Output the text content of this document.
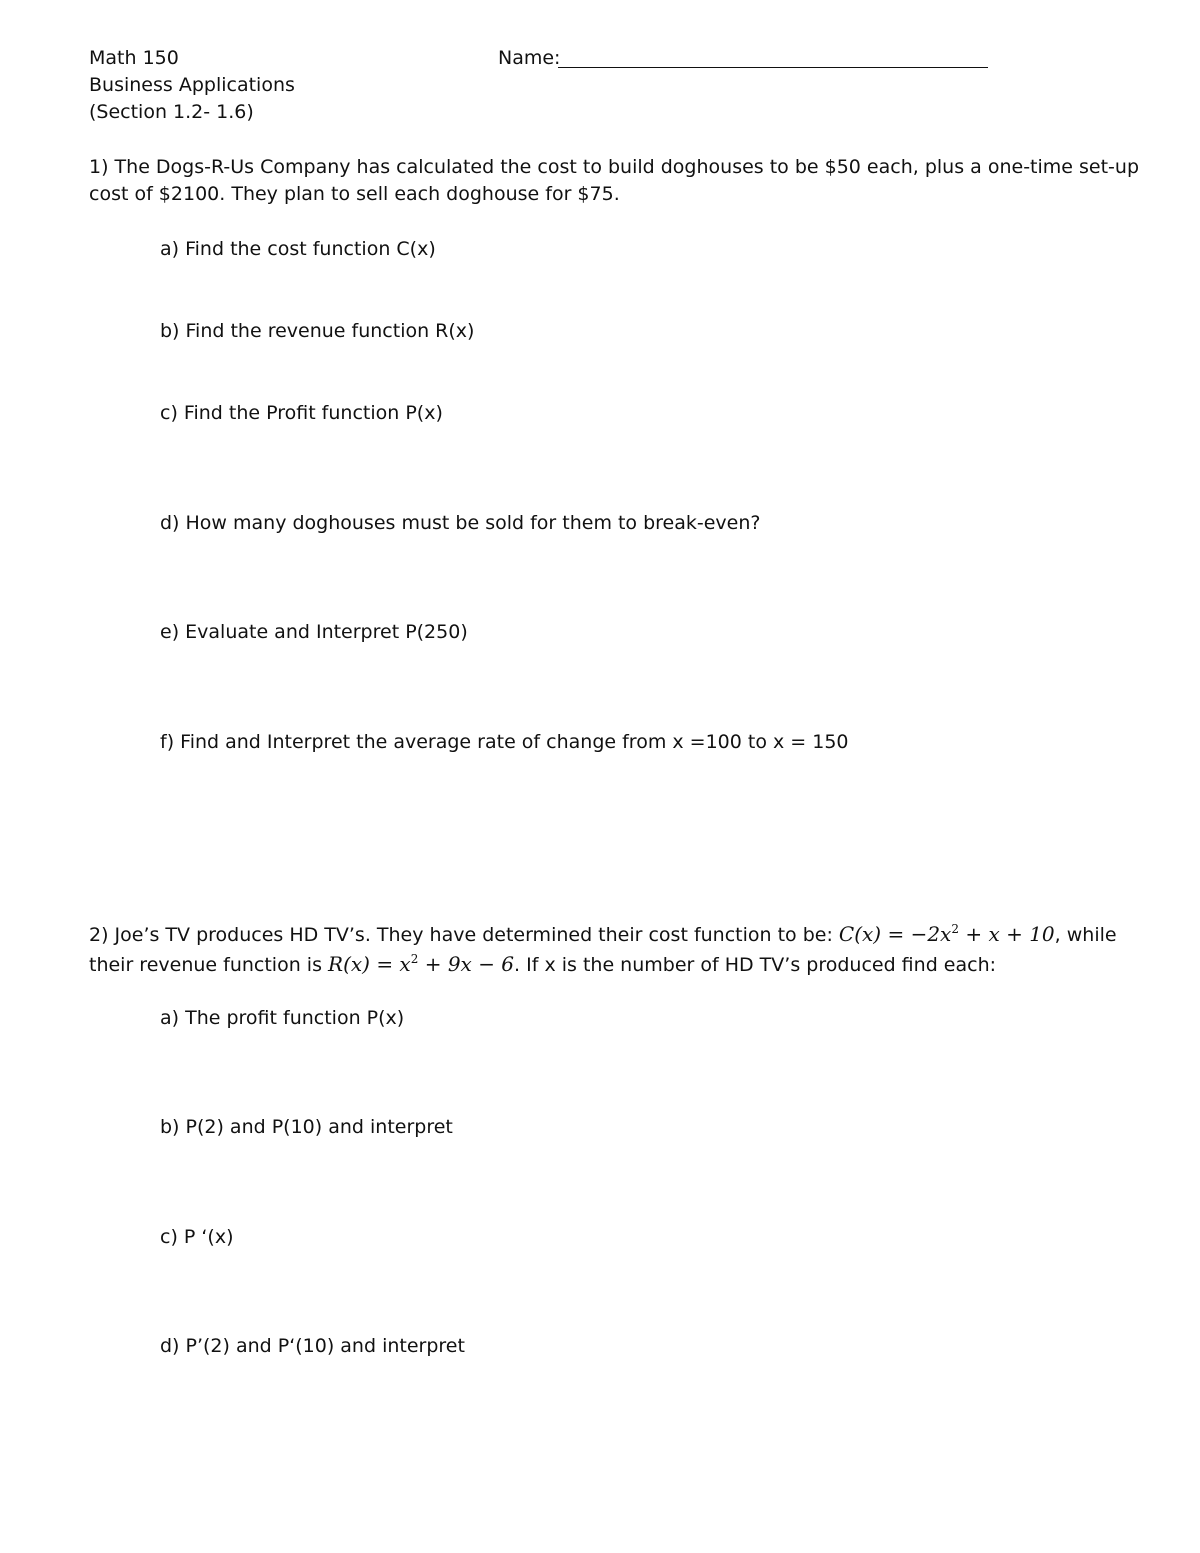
Math 150
Business Applications
(Section 1.2- 1.6)
Name:
1) The Dogs-R-Us Company has calculated the cost to build doghouses to be $50 each, plus a one-time set-up
cost of $2100. They plan to sell each doghouse for $75.
a) Find the cost function C(x)
b) Find the revenue function R(x)
c) Find the Profit function P(x)
d) How many doghouses must be sold for them to break-even?
e) Evaluate and Interpret P(250)
f) Find and Interpret the average rate of change from x =100 to x = 150
2) Joe’s TV produces HD TV’s. They have determined their cost function to be: $C(x) = -2x^2 + x + 10$, while
their revenue function is $R(x) = x^2 + 9x - 6$. If x is the number of HD TV’s produced find each:
a) The profit function P(x)
b) P(2) and P(10) and interpret
c) P ‘(x)
d) P’(2) and P‘(10) and interpret
